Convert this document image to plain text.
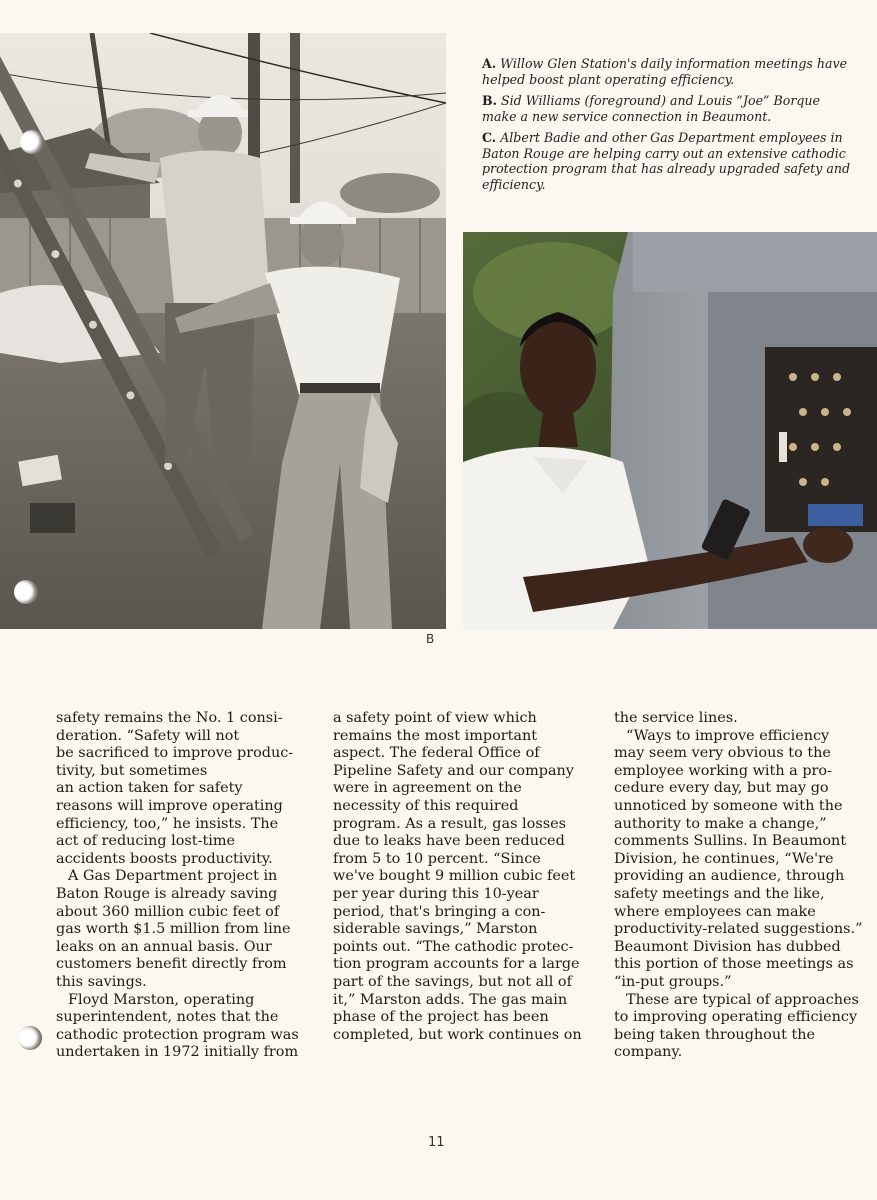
A. Willow Glen Station's daily information meetings have helped boost plant operating efficiency.

B. Sid Williams (foreground) and Louis “Joe” Borque make a new service connection in Beaumont.

C. Albert Badie and other Gas Department employees in Baton Rouge are helping carry out an extensive cathodic protection program that has already upgraded safety and efficiency.

B
safety remains the No. 1 consi-
deration. “Safety will not
be sacrificed to improve produc-
tivity, but sometimes
an action taken for safety
reasons will improve operating
efficiency, too,” he insists. The
act of reducing lost-time
accidents boosts productivity.
A Gas Department project in
Baton Rouge is already saving
about 360 million cubic feet of
gas worth $1.5 million from line
leaks on an annual basis. Our
customers benefit directly from
this savings.
Floyd Marston, operating
superintendent, notes that the
cathodic protection program was
undertaken in 1972 initially from
a safety point of view which
remains the most important
aspect. The federal Office of
Pipeline Safety and our company
were in agreement on the
necessity of this required
program. As a result, gas losses
due to leaks have been reduced
from 5 to 10 percent. “Since
we've bought 9 million cubic feet
per year during this 10-year
period, that's bringing a con-
siderable savings,” Marston
points out. “The cathodic protec-
tion program accounts for a large
part of the savings, but not all of
it,” Marston adds. The gas main
phase of the project has been
completed, but work continues on
the service lines.
“Ways to improve efficiency
may seem very obvious to the
employee working with a pro-
cedure every day, but may go
unnoticed by someone with the
authority to make a change,”
comments Sullins. In Beaumont
Division, he continues, “We're
providing an audience, through
safety meetings and the like,
where employees can make
productivity-related suggestions.”
Beaumont Division has dubbed
this portion of those meetings as
“in-put groups.”
These are typical of approaches
to improving operating efficiency
being taken throughout the
company.
11
